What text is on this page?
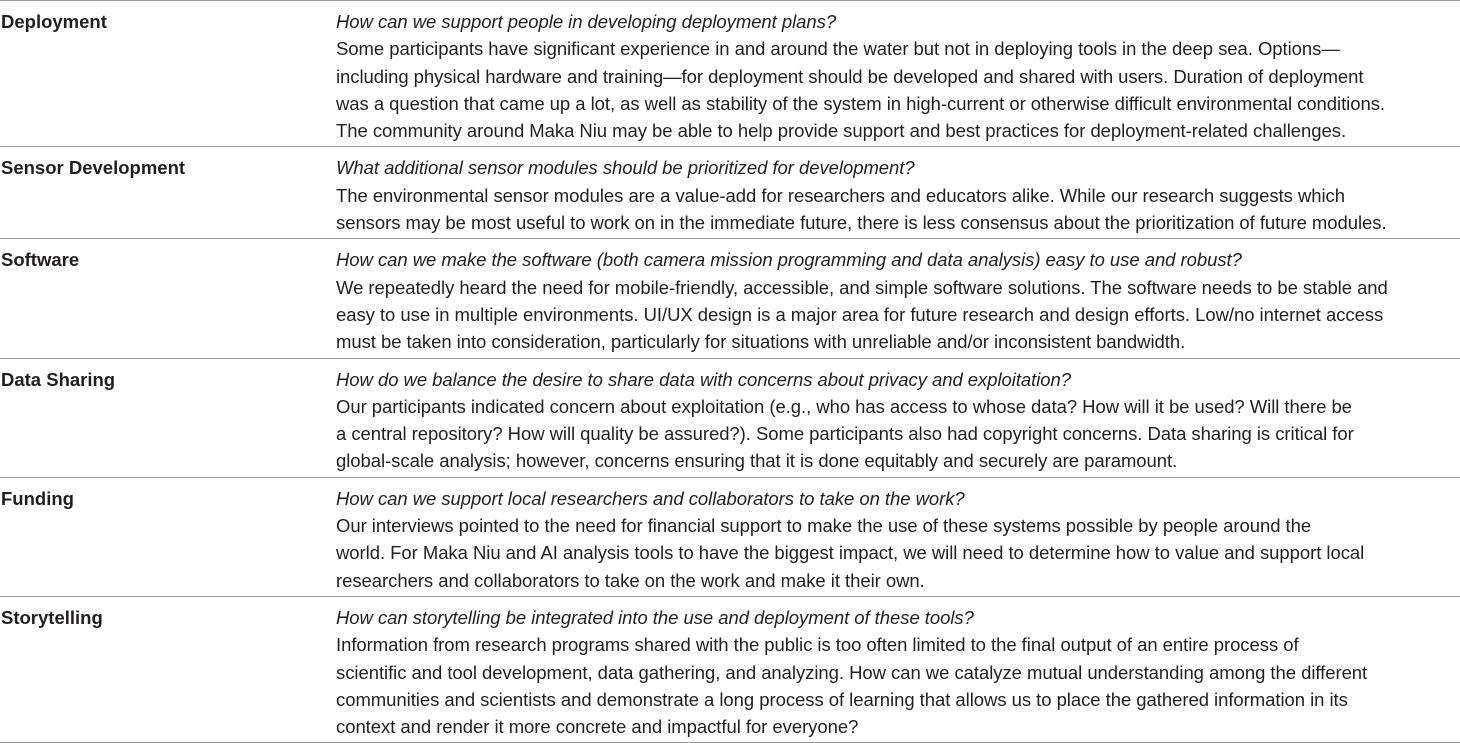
Deployment	How can we support people in developing deployment plans?
Some participants have significant experience in and around the water but not in deploying tools in the deep sea. Options—
including physical hardware and training—for deployment should be developed and shared with users. Duration of deployment
was a question that came up a lot, as well as stability of the system in high-current or otherwise difficult environmental conditions.
The community around Maka Niu may be able to help provide support and best practices for deployment-related challenges.
Sensor Development	What additional sensor modules should be prioritized for development?
The environmental sensor modules are a value-add for researchers and educators alike. While our research suggests which
sensors may be most useful to work on in the immediate future, there is less consensus about the prioritization of future modules.
Software	How can we make the software (both camera mission programming and data analysis) easy to use and robust?
We repeatedly heard the need for mobile-friendly, accessible, and simple software solutions. The software needs to be stable and
easy to use in multiple environments. UI/UX design is a major area for future research and design efforts. Low/no internet access
must be taken into consideration, particularly for situations with unreliable and/or inconsistent bandwidth.
Data Sharing	How do we balance the desire to share data with concerns about privacy and exploitation?
Our participants indicated concern about exploitation (e.g., who has access to whose data? How will it be used? Will there be
a central repository? How will quality be assured?). Some participants also had copyright concerns. Data sharing is critical for
global-scale analysis; however, concerns ensuring that it is done equitably and securely are paramount.
Funding	How can we support local researchers and collaborators to take on the work?
Our interviews pointed to the need for financial support to make the use of these systems possible by people around the
world. For Maka Niu and AI analysis tools to have the biggest impact, we will need to determine how to value and support local
researchers and collaborators to take on the work and make it their own.
Storytelling	How can storytelling be integrated into the use and deployment of these tools?
Information from research programs shared with the public is too often limited to the final output of an entire process of
scientific and tool development, data gathering, and analyzing. How can we catalyze mutual understanding among the different
communities and scientists and demonstrate a long process of learning that allows us to place the gathered information in its
context and render it more concrete and impactful for everyone?
